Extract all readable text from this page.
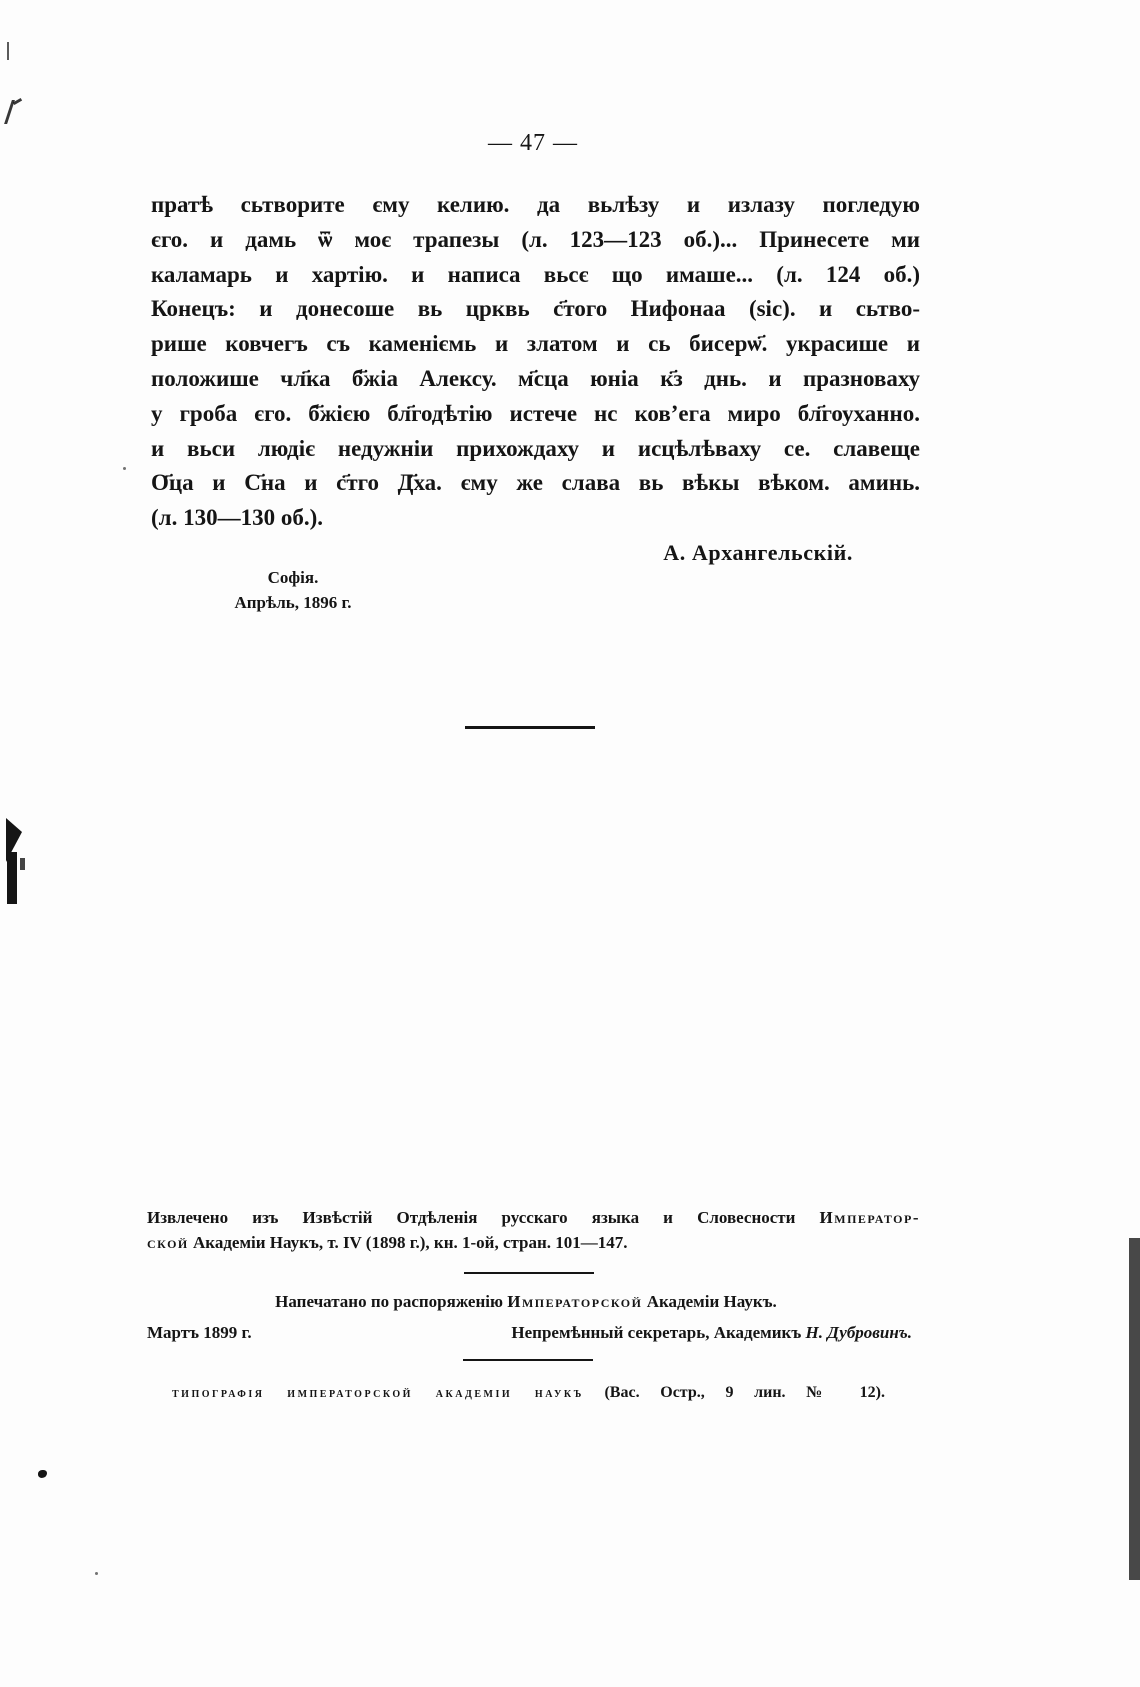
— 47 —
пратѣ сьтворите єму келию. да вьлѣзу и излазу погледую
єго. и дамь ѿ моє трапезы (л. 123—123 об.)... Принесете ми
каламарь и хартію. и написа вьсє що имаше... (л. 124 об.)
Конецъ: и донесоше вь црквь с҃того Нифонаа (sic). и сьтво-
рише ковчегъ съ каменіємь и златом и сь бисерѡ҃. украсише и
положише чл҃ка б҃жіа Алексу. м҃сца юніа к҃з днь. и празноваху
у гроба єго. б҃жією бл҃годѣтію истече нс ковʼега миро бл҃гоуханно.
и вьси людіє недужніи прихождаху и исцѣлѣваху се. славеще
О҃ца и С҃на и с҃тго Д҃ха. єму же слава вь вѣкы вѣком. аминь.
(л. 130—130 об.).
А. Архангельскій.
Софія.
Апрѣль, 1896 г.
Извлечено изъ Извѣстій Отдѣленія русскаго языка и Словесности Император-
ской Академіи Наукъ, т. IV (1898 г.), кн. 1-ой, стран. 101—147.
Напечатано по распоряженію Императорской Академіи Наукъ.
Мартъ 1899 г.	Непремѣнный секретарь, Академикъ Н. Дубровинъ.
типографія императорской академіи наукъ (Вас. Остр., 9 лин. № 12).
